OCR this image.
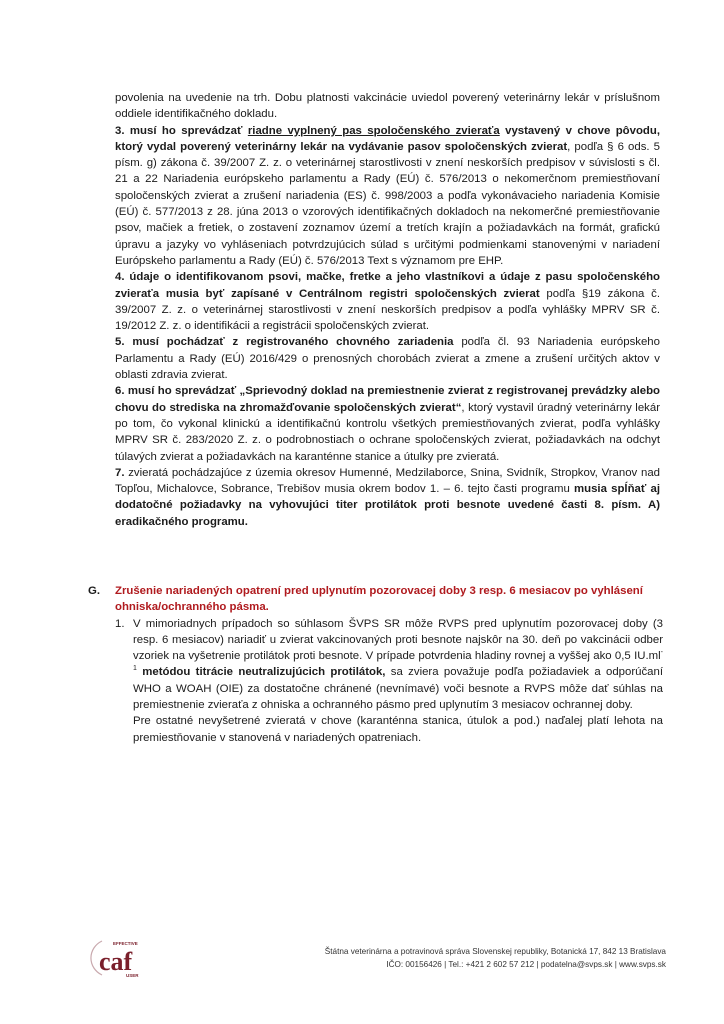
povolenia na uvedenie na trh. Dobu platnosti vakcinácie uviedol poverený veterinárny lekár v príslušnom oddiele identifikačného dokladu.

3. musí ho sprevádzať riadne vyplnený pas spoločenského zvieraťa vystavený v chove pôvodu, ktorý vydal poverený veterinárny lekár na vydávanie pasov spoločenských zvierat, podľa § 6 ods. 5 písm. g) zákona č. 39/2007 Z. z. o veterinárnej starostlivosti v znení neskorších predpisov v súvislosti s čl. 21 a 22 Nariadenia európskeho parlamentu a Rady (EÚ) č. 576/2013 o nekomerčnom premiestňovaní spoločenských zvierat a zrušení nariadenia (ES) č. 998/2003 a podľa vykonávacieho nariadenia Komisie (EÚ) č. 577/2013 z 28. júna 2013 o vzorových identifikačných dokladoch na nekomerčné premiestňovanie psov, mačiek a fretiek, o zostavení zoznamov území a tretích krajín a požiadavkách na formát, grafickú úpravu a jazyky vo vyhláseniach potvrdzujúcich súlad s určitými podmienkami stanovenými v nariadení Európskeho parlamentu a Rady (EÚ) č. 576/2013 Text s významom pre EHP.

4. údaje o identifikovanom psovi, mačke, fretke a jeho vlastníkovi a údaje z pasu spoločenského zvieraťa musia byť zapísané v Centrálnom registri spoločenských zvierat podľa §19 zákona č. 39/2007 Z. z. o veterinárnej starostlivosti v znení neskorších predpisov a podľa vyhlášky MPRV SR č. 19/2012 Z. z. o identifikácii a registrácii spoločenských zvierat.

5. musí pochádzať z registrovaného chovného zariadenia podľa čl. 93 Nariadenia európskeho Parlamentu a Rady (EÚ) 2016/429 o prenosných chorobách zvierat a zmene a zrušení určitých aktov v oblasti zdravia zvierat.

6. musí ho sprevádzať „Sprievodný doklad na premiestnenie zvierat z registrovanej prevádzky alebo chovu do strediska na zhromažďovanie spoločenských zvierat“, ktorý vystavil úradný veterinárny lekár po tom, čo vykonal klinickú a identifikačnú kontrolu všetkých premiestňovaných zvierat, podľa vyhlášky MPRV SR č. 283/2020 Z. z. o podrobnostiach o ochrane spoločenských zvierat, požiadavkách na odchyt túlavých zvierat a požiadavkách na karanténne stanice a útulky pre zvieratá.

7. zvieratá pochádzajúce z územia okresov Humenné, Medzilaborce, Snina, Svidník, Stropkov, Vranov nad Topľou, Michalovce, Sobrance, Trebišov musia okrem bodov 1. – 6. tejto časti programu musia spĺňať aj dodatočné požiadavky na vyhovujúci titer protilátok proti besnote uvedené časti 8. písm. A) eradikačného programu.

G.	Zrušenie nariadených opatrení pred uplynutím pozorovacej doby 3 resp. 6 mesiacov po vyhlásení ohniska/ochranného pásma.
1. V mimoriadnych prípadoch so súhlasom ŠVPS SR môže RVPS pred uplynutím pozorovacej doby (3 resp. 6 mesiacov) nariadiť u zvierat vakcinovaných proti besnote najskôr na 30. deň po vakcinácii odber vzoriek na vyšetrenie protilátok proti besnote. V prípade potvrdenia hladiny rovnej a vyššej ako 0,5 $IU.ml^{-1}$ metódou titrácie neutralizujúcich protilátok, sa zviera považuje podľa požiadaviek a odporúčaní WHO a WOAH (OIE) za dostatočne chránené (nevnímavé) voči besnote a RVPS môže dať súhlas na premiestnenie zvieraťa z ohniska a ochranného pásmo pred uplynutím 3 mesiacov ochrannej doby.

Pre ostatné nevyšetrené zvieratá v chove (karanténna stanica, útulok a pod.) naďalej platí lehota na premiestňovanie v stanovená v nariadených opatreniach.

EFFECTIVE
caf
USER
Štátna veterinárna a potravinová správa Slovenskej republiky, Botanická 17, 842 13 Bratislava
IČO: 00156426 | Tel.: +421 2 602 57 212 | podatelna@svps.sk | www.svps.sk
